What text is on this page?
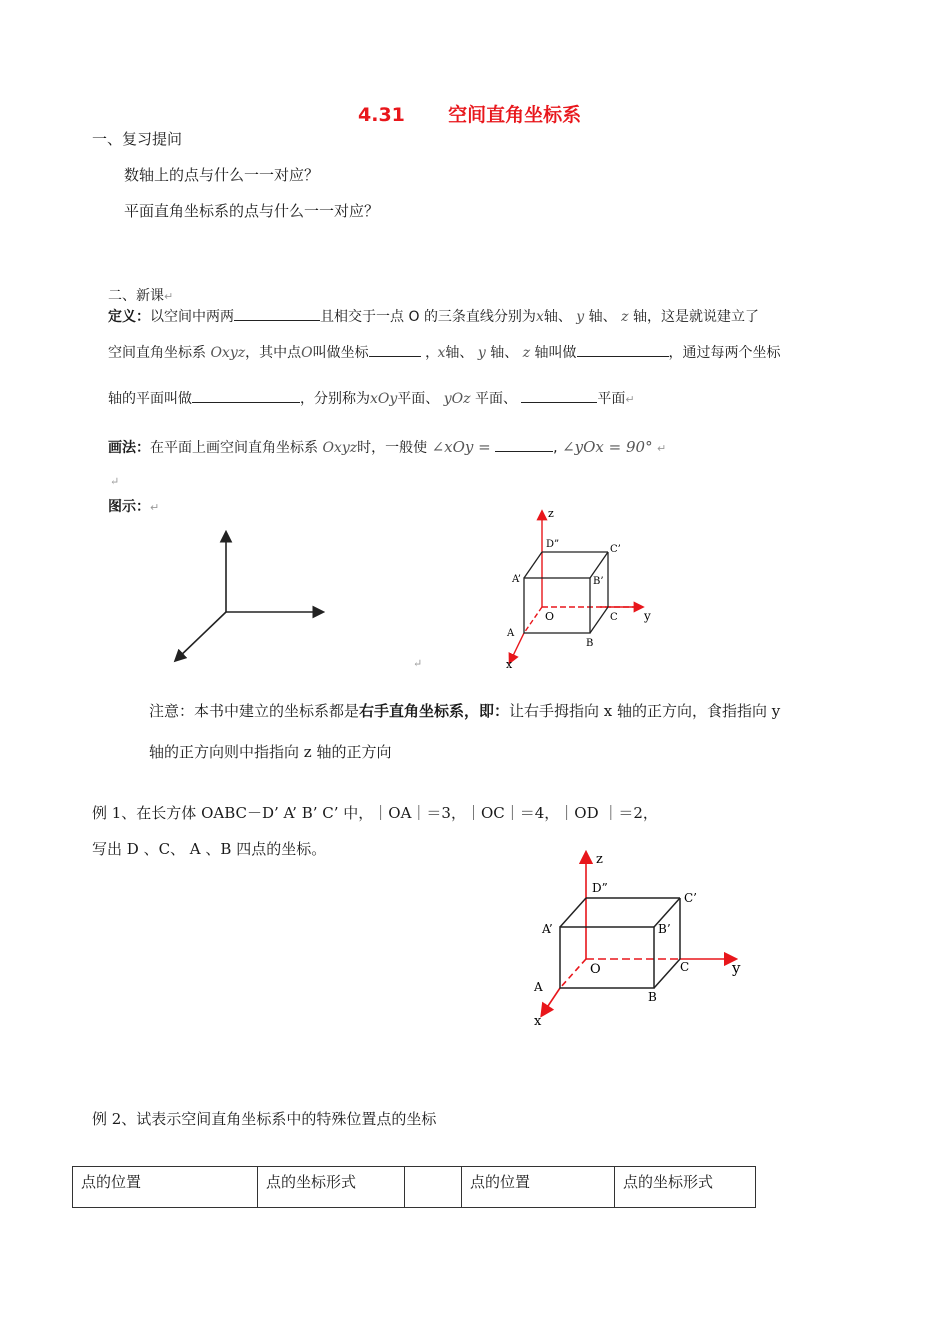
4.31 空间直角坐标系
一、复习提问
数轴上的点与什么一一对应？
平面直角坐标系的点与什么一一对应？
二、新课↵
定义：以空间中两两	且相交于一点 O 的三条直线分别为x轴、 y 轴、 z 轴，这是就说建立了
空间直角坐标系 Oxyz，其中点O叫做坐标	， x轴、 y 轴、 z 轴叫做	，通过每两个坐标
轴的平面叫做	，分别称为xOy平面、 yOz 平面、	平面↵
画法：在平面上画空间直角坐标系 Oxyz时，一般使 ∠xOy =	, ∠yOx = 90° ↵
↵
图示：↵
↵
z
y
x
O
A
B
C
A’	B’
C’
D”
注意：本书中建立的坐标系都是右手直角坐标系，即：让右手拇指向 x 轴的正方向，食指指向 y
轴的正方向则中指指向 z 轴的正方向
例 1、在长方体 OABC－D’ A’ B’ C’ 中，｜OA｜＝3，｜OC｜＝4，｜OD ｜＝2，
写出 D 、C、 A 、B 四点的坐标。
z
y
x
O
A
B
C
A’	B’
C’
D”
例 2、试表示空间直角坐标系中的特殊位置点的坐标
点的位置	点的坐标形式		点的位置	点的坐标形式
